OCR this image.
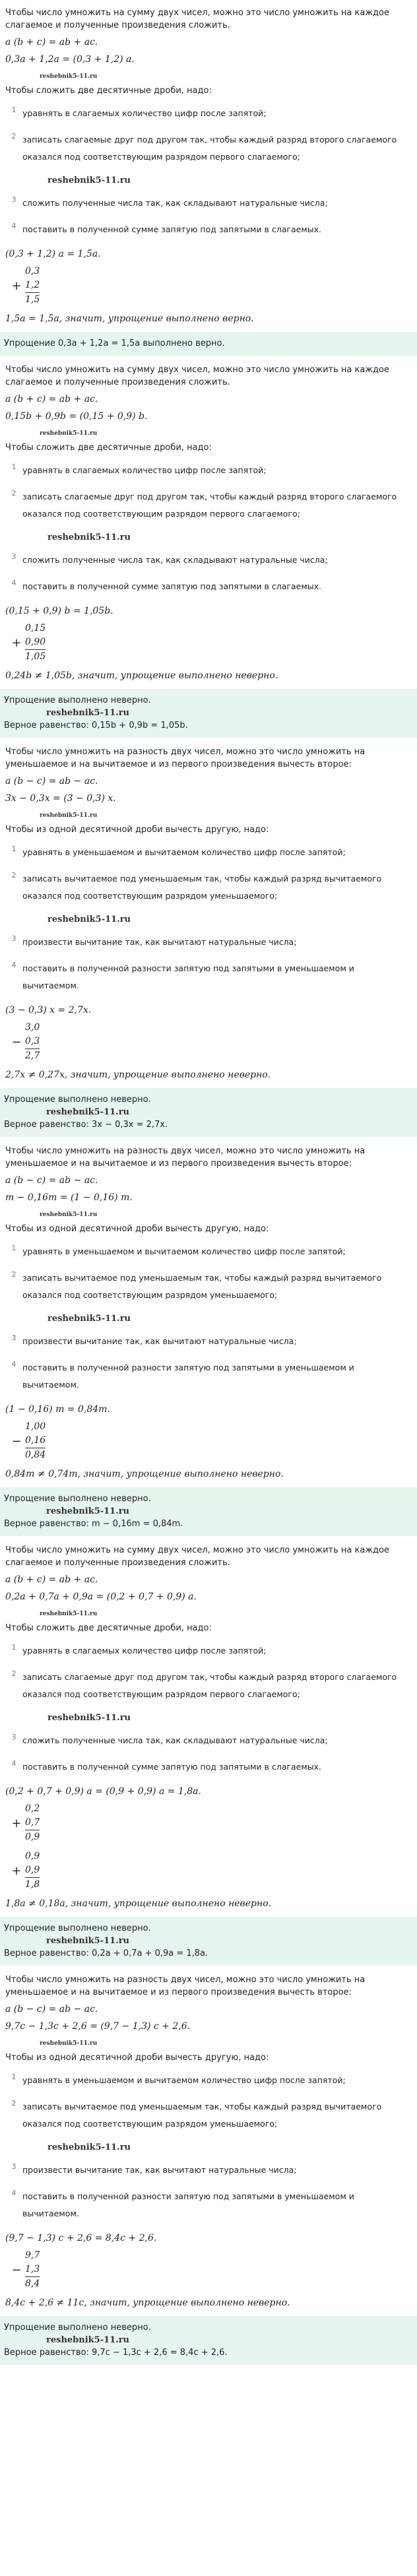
Чтобы число умножить на сумму двух чисел, можно это число умножить на каждое слагаемое и полученные произведения сложить.
a (b + c) = ab + ac.
0,3a + 1,2a = (0,3 + 1,2) a.
reshebnik5-11.ru
Чтобы сложить две десятичные дроби, надо:
1 уравнять в слагаемых количество цифр после запятой;
2 записать слагаемые друг под другом так, чтобы каждый разряд второго слагаемого оказался под соответствующим разрядом первого слагаемого;
reshebnik5-11.ru
3 сложить полученные числа так, как складывают натуральные числа;
4 поставить в полученной сумме запятую под запятыми в слагаемых.
(0,3 + 1,2) a = 1,5a.
+
0,3
1,2
1,5
1,5a = 1,5a, значит, упрощение выполнено верно.
Упрощение 0,3a + 1,2a = 1,5a выполнено верно.
Чтобы число умножить на сумму двух чисел, можно это число умножить на каждое слагаемое и полученные произведения сложить.
a (b + c) = ab + ac.
0,15b + 0,9b = (0,15 + 0,9) b.
reshebnik5-11.ru
Чтобы сложить две десятичные дроби, надо:
1 уравнять в слагаемых количество цифр после запятой;
2 записать слагаемые друг под другом так, чтобы каждый разряд второго слагаемого оказался под соответствующим разрядом первого слагаемого;
reshebnik5-11.ru
3 сложить полученные числа так, как складывают натуральные числа;
4 поставить в полученной сумме запятую под запятыми в слагаемых.
(0,15 + 0,9) b = 1,05b.
+
0,15
0,90
1,05
0,24b ≠ 1,05b, значит, упрощение выполнено неверно.
Упрощение выполнено неверно.
reshebnik5-11.ru
Верное равенство: 0,15b + 0,9b = 1,05b.
Чтобы число умножить на разность двух чисел, можно это число умножить на уменьшаемое и на вычитаемое и из первого произведения вычесть второе:
a (b − c) = ab − ac.
3x − 0,3x = (3 − 0,3) x.
reshebnik5-11.ru
Чтобы из одной десятичной дроби вычесть другую, надо:
1 уравнять в уменьшаемом и вычитаемом количество цифр после запятой;
2 записать вычитаемое под уменьшаемым так, чтобы каждый разряд вычитаемого оказался под соответствующим разрядом уменьшаемого;
reshebnik5-11.ru
3 произвести вычитание так, как вычитают натуральные числа;
4 поставить в полученной разности запятую под запятыми в уменьшаемом и вычитаемом.
(3 − 0,3) x = 2,7x.
−
3,0
0,3
2,7
2,7x ≠ 0,27x, значит, упрощение выполнено неверно.
Упрощение выполнено неверно.
reshebnik5-11.ru
Верное равенство: 3x − 0,3x = 2,7x.
Чтобы число умножить на разность двух чисел, можно это число умножить на уменьшаемое и на вычитаемое и из первого произведения вычесть второе:
a (b − c) = ab − ac.
m − 0,16m = (1 − 0,16) m.
reshebnik5-11.ru
Чтобы из одной десятичной дроби вычесть другую, надо:
1 уравнять в уменьшаемом и вычитаемом количество цифр после запятой;
2 записать вычитаемое под уменьшаемым так, чтобы каждый разряд вычитаемого оказался под соответствующим разрядом уменьшаемого;
reshebnik5-11.ru
3 произвести вычитание так, как вычитают натуральные числа;
4 поставить в полученной разности запятую под запятыми в уменьшаемом и вычитаемом.
(1 − 0,16) m = 0,84m.
−
1,00
0,16
0,84
0,84m ≠ 0,74m, значит, упрощение выполнено неверно.
Упрощение выполнено неверно.
reshebnik5-11.ru
Верное равенство: m − 0,16m = 0,84m.
Чтобы число умножить на сумму двух чисел, можно это число умножить на каждое слагаемое и полученные произведения сложить.
a (b + c) = ab + ac.
0,2a + 0,7a + 0,9a = (0,2 + 0,7 + 0,9) a.
reshebnik5-11.ru
Чтобы сложить две десятичные дроби, надо:
1 уравнять в слагаемых количество цифр после запятой;
2 записать слагаемые друг под другом так, чтобы каждый разряд второго слагаемого оказался под соответствующим разрядом первого слагаемого;
reshebnik5-11.ru
3 сложить полученные числа так, как складывают натуральные числа;
4 поставить в полученной сумме запятую под запятыми в слагаемых.
(0,2 + 0,7 + 0,9) a = (0,9 + 0,9) a = 1,8a.
+
0,2
0,7
0,9
+
0,9
0,9
1,8
1,8a ≠ 0,18a, значит, упрощение выполнено неверно.
Упрощение выполнено неверно.
reshebnik5-11.ru
Верное равенство: 0,2a + 0,7a + 0,9a = 1,8a.
Чтобы число умножить на разность двух чисел, можно это число умножить на уменьшаемое и на вычитаемое и из первого произведения вычесть второе:
a (b − c) = ab − ac.
9,7c − 1,3c + 2,6 = (9,7 − 1,3) c + 2,6.
reshebnik5-11.ru
Чтобы из одной десятичной дроби вычесть другую, надо:
1 уравнять в уменьшаемом и вычитаемом количество цифр после запятой;
2 записать вычитаемое под уменьшаемым так, чтобы каждый разряд вычитаемого оказался под соответствующим разрядом уменьшаемого;
reshebnik5-11.ru
3 произвести вычитание так, как вычитают натуральные числа;
4 поставить в полученной разности запятую под запятыми в уменьшаемом и вычитаемом.
(9,7 − 1,3) c + 2,6 = 8,4c + 2,6.
−
9,7
1,3
8,4
8,4c + 2,6 ≠ 11c, значит, упрощение выполнено неверно.
Упрощение выполнено неверно.
reshebnik5-11.ru
Верное равенство: 9,7c − 1,3c + 2,6 = 8,4c + 2,6.
